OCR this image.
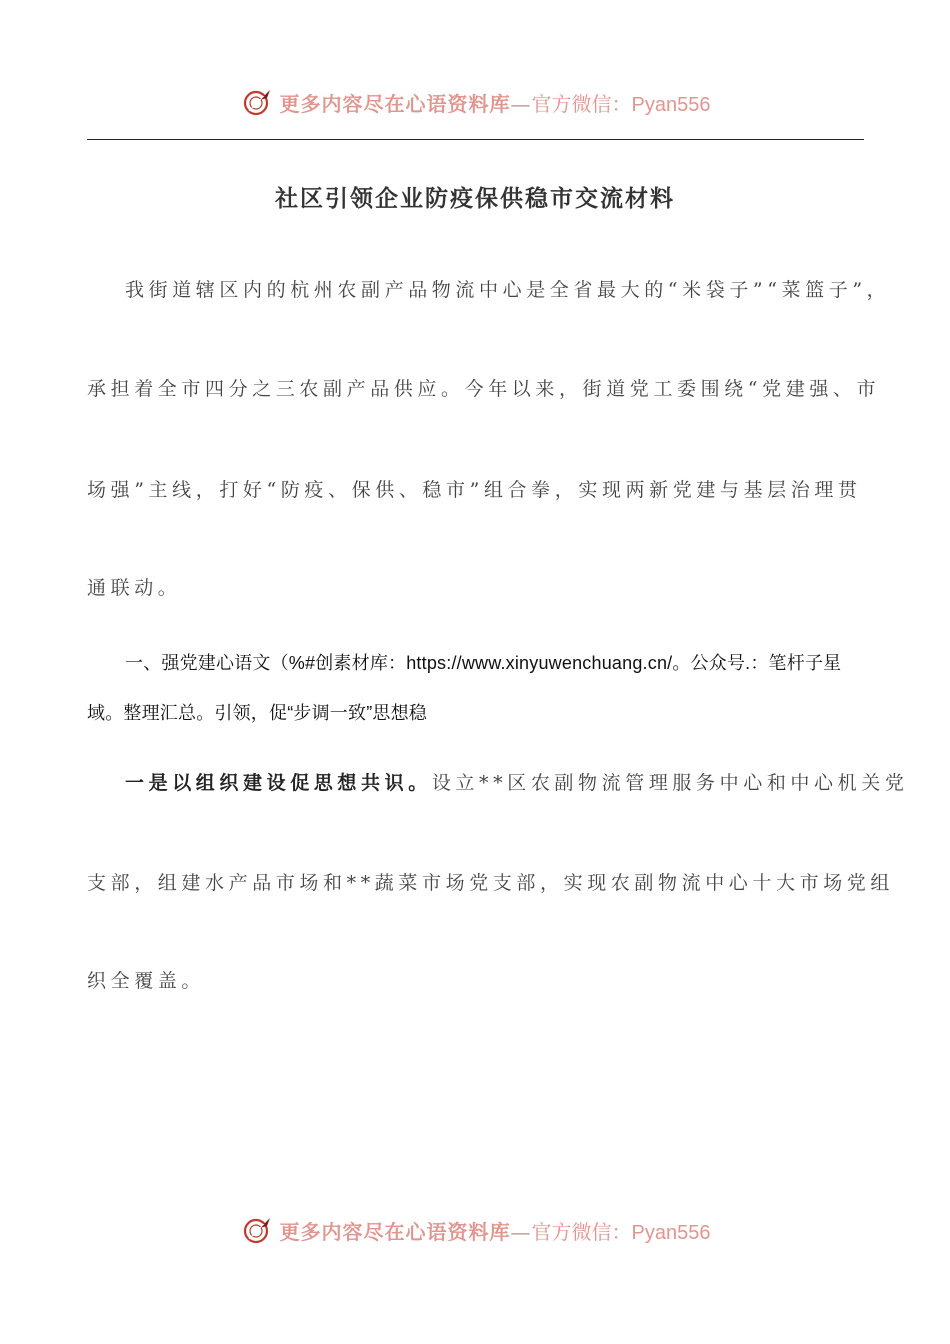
更多内容尽在心语资料库—官方微信：Pyan556
社区引领企业防疫保供稳市交流材料
我街道辖区内的杭州农副产品物流中心是全省最大的“米袋子”“菜篮子”，
承担着全市四分之三农副产品供应。今年以来，街道党工委围绕“党建强、市
场强”主线，打好“防疫、保供、稳市”组合拳，实现两新党建与基层治理贯
通联动。
一、强党建心语文（%#创素材库：https://www.xinyuwenchuang.cn/。公众号.：笔杆子星
域。整理汇总。引领，促“步调一致”思想稳
一是以组织建设促思想共识。设立**区农副物流管理服务中心和中心机关党
支部，组建水产品市场和**蔬菜市场党支部，实现农副物流中心十大市场党组
织全覆盖。
更多内容尽在心语资料库—官方微信：Pyan556
